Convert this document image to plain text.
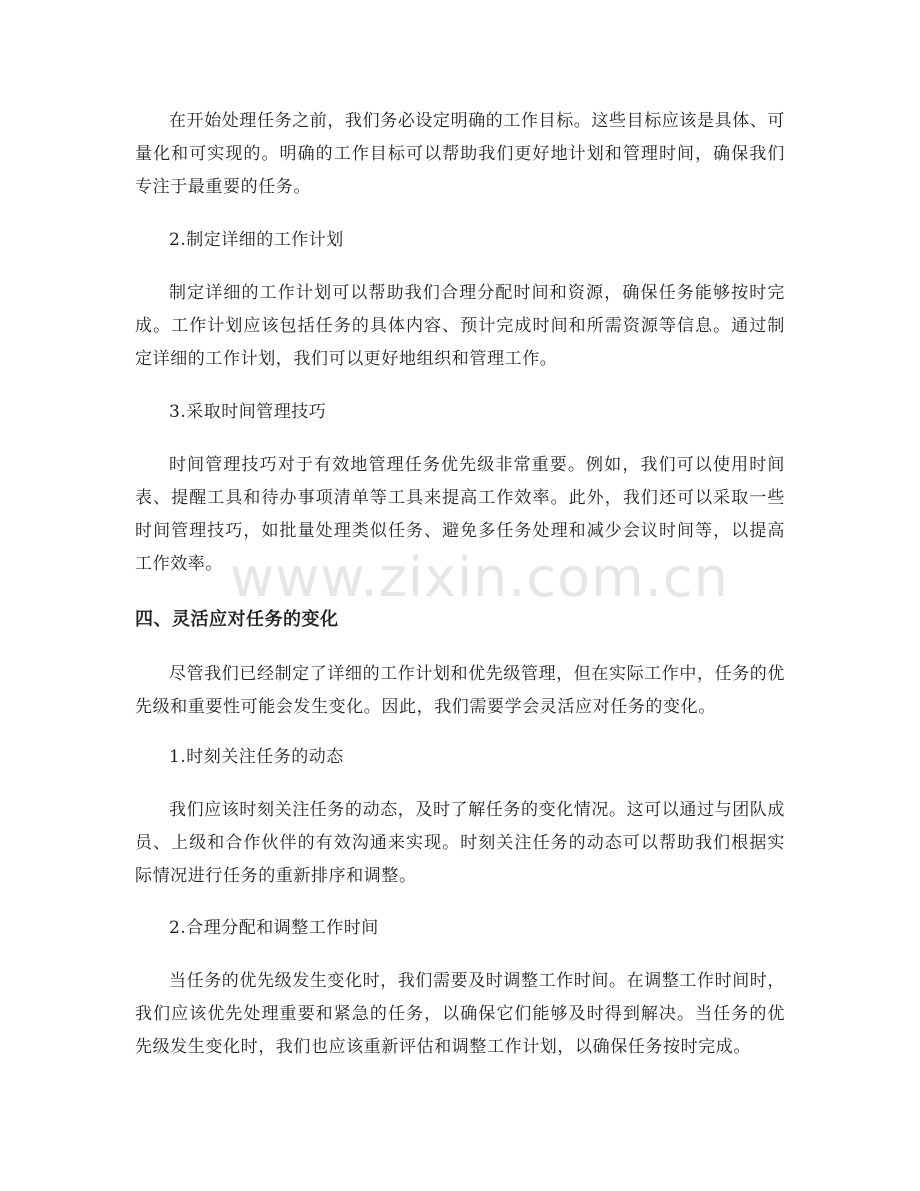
在开始处理任务之前，我们务必设定明确的工作目标。这些目标应该是具体、可量化和可实现的。明确的工作目标可以帮助我们更好地计划和管理时间，确保我们专注于最重要的任务。

2.制定详细的工作计划

制定详细的工作计划可以帮助我们合理分配时间和资源，确保任务能够按时完成。工作计划应该包括任务的具体内容、预计完成时间和所需资源等信息。通过制定详细的工作计划，我们可以更好地组织和管理工作。

3.采取时间管理技巧

时间管理技巧对于有效地管理任务优先级非常重要。例如，我们可以使用时间表、提醒工具和待办事项清单等工具来提高工作效率。此外，我们还可以采取一些时间管理技巧，如批量处理类似任务、避免多任务处理和减少会议时间等，以提高工作效率。 www.zixin.com.cn

四、灵活应对任务的变化

尽管我们已经制定了详细的工作计划和优先级管理，但在实际工作中，任务的优先级和重要性可能会发生变化。因此，我们需要学会灵活应对任务的变化。

1.时刻关注任务的动态

我们应该时刻关注任务的动态，及时了解任务的变化情况。这可以通过与团队成员、上级和合作伙伴的有效沟通来实现。时刻关注任务的动态可以帮助我们根据实际情况进行任务的重新排序和调整。

2.合理分配和调整工作时间

当任务的优先级发生变化时，我们需要及时调整工作时间。在调整工作时间时，我们应该优先处理重要和紧急的任务，以确保它们能够及时得到解决。当任务的优先级发生变化时，我们也应该重新评估和调整工作计划，以确保任务按时完成。
